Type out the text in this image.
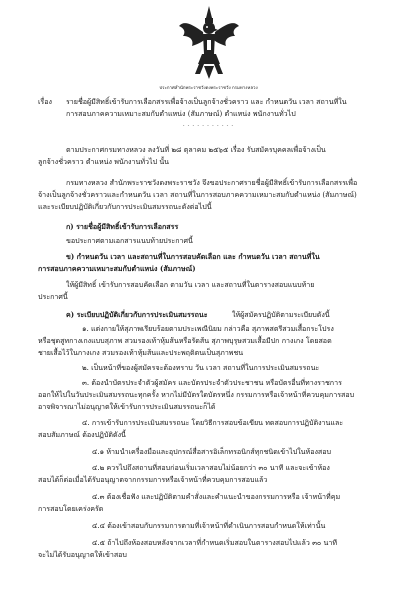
ประกาศสำนักพระราชวังดงพระราชวัง กรมทางหลวง
เรื่อง รายชื่อผู้มีสิทธิ์เข้ารับการเลือกสรรเพื่อจ้างเป็นลูกจ้างชั่วคราว และ กำหนดวัน เวลา สถานที่ใน
การสอบภาคความเหมาะสมกับตำแหน่ง (สัมภาษณ์) ตำแหน่ง พนักงานทั่วไป
- - - - - - - - - - -
ตามประกาศกรมทางหลวง ลงวันที่ ๒๘ ตุลาคม ๒๕๖๕ เรื่อง รับสมัครบุคคลเพื่อจ้างเป็น
ลูกจ้างชั่วคราว ตำแหน่ง พนักงานทั่วไป นั้น
กรมทางหลวง สำนักพระราชวังดงพระราชวัง จึงขอประกาศรายชื่อผู้มีสิทธิ์เข้ารับการเลือกสรรเพื่อ
จ้างเป็นลูกจ้างชั่วคราวและกำหนดวัน เวลา สถานที่ในการสอบภาคความเหมาะสมกับตำแหน่ง (สัมภาษณ์)
และระเบียบปฏิบัติเกี่ยวกับการประเมินสมรรถนะดังต่อไปนี้
ก) รายชื่อผู้มีสิทธิ์เข้ารับการเลือกสรร
ขอประกาศตามเอกสารแนบท้ายประกาศนี้
ข) กำหนดวัน เวลา และสถานที่ในการสอบคัดเลือก และ กำหนดวัน เวลา สถานที่ใน
การสอบภาคความเหมาะสมกับตำแหน่ง (สัมภาษณ์)
ให้ผู้มีสิทธิ์ เข้ารับการสอบคัดเลือก ตามวัน เวลา และสถานที่ในตารางสอบแนบท้าย
ประกาศนี้
ค) ระเบียบปฏิบัติเกี่ยวกับการประเมินสมรรถนะ	ให้ผู้สมัครปฏิบัติตามระเบียบดังนี้
๑. แต่งกายให้สุภาพเรียบร้อยตามประเพณีนิยม กล่าวคือ สุภาพสตรีสวมเสื้อกระโปรง
หรือชุดสูทกางเกงแบบสุภาพ สวมรองเท้าหุ้มส้นหรือรัดส้น สุภาพบุรุษสวมเสื้อมีปก กางเกง โดยสอด
ชายเสื้อไว้ในกางเกง สวมรองเท้าหุ้มส้นและประพฤติตนเป็นสุภาพชน
๒. เป็นหน้าที่ของผู้สมัครจะต้องทราบ วัน เวลา สถานที่ในการประเมินสมรรถนะ
๓. ต้องนำบัตรประจำตัวผู้สมัคร และบัตรประจำตัวประชาชน หรือบัตรอื่นที่ทางราชการ
ออกให้ไปในวันประเมินสมรรถนะทุกครั้ง หากไม่มีบัตรใดบัตรหนึ่ง กรรมการหรือเจ้าหน้าที่ควบคุมการสอบ
อาจพิจารณาไม่อนุญาตให้เข้ารับการประเมินสมรรถนะก็ได้
๔. การเข้ารับการประเมินสมรรถนะ โดยวิธีการสอบข้อเขียน ทดสอบการปฏิบัติงานและ
สอบสัมภาษณ์ ต้องปฏิบัติดังนี้
๔.๑ ห้ามนำเครื่องมือและอุปกรณ์สื่อสารอิเล็กทรอนิกส์ทุกชนิดเข้าไปในห้องสอบ
๔.๒ ควรไปถึงสถานที่สอบก่อนเริ่มเวลาสอบไม่น้อยกว่า ๓๐ นาที และจะเข้าห้อง
สอบได้ก็ต่อเมื่อได้รับอนุญาตจากกรรมการหรือเจ้าหน้าที่ควบคุมการสอบแล้ว
๔.๓ ต้องเชื่อฟัง และปฏิบัติตามคำสั่งและคำแนะนำของกรรมการหรือ เจ้าหน้าที่คุม
การสอบโดยเคร่งครัด
๔.๔ ต้องเข้าสอบกับกรรมการตามที่เจ้าหน้าที่ดำเนินการสอบกำหนดให้เท่านั้น
๔.๕ ถ้าไปถึงห้องสอบหลังจากเวลาที่กำหนดเริ่มสอบในตารางสอบไปแล้ว ๓๐ นาที
จะไม่ได้รับอนุญาตให้เข้าสอบ
